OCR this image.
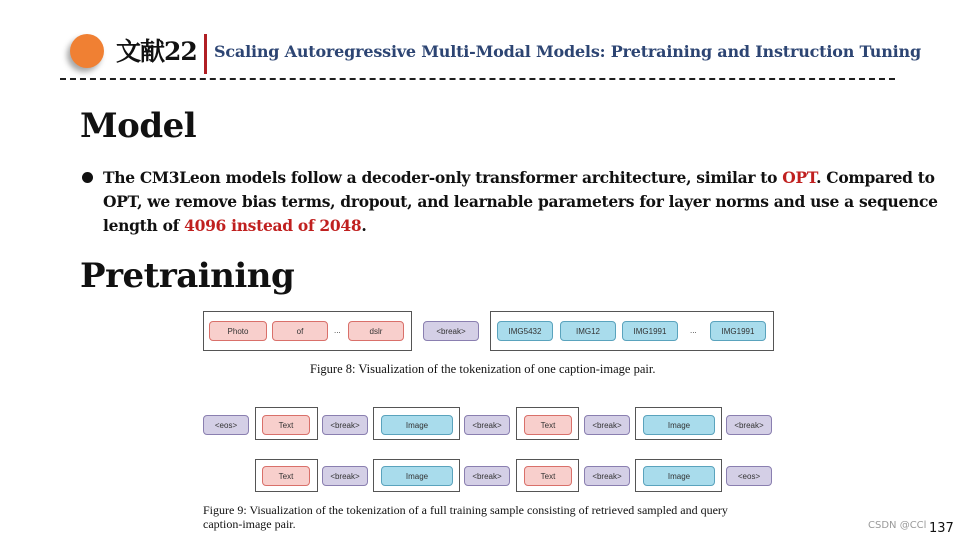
文献22 Scaling Autoregressive Multi-Modal Models: Pretraining and Instruction Tuning
Model
The CM3Leon models follow a decoder-only transformer architecture, similar to OPT. Compared to OPT, we remove bias terms, dropout, and learnable parameters for layer norms and use a sequence length of 4096 instead of 2048.
Pretraining
Photo	of	...	dslr	<break>	IMG5432	IMG12	IMG1991	...	IMG1991
Figure 8: Visualization of the tokenization of one caption-image pair.
<eos>	Text	<break>	Image	<break>	Text	<break>	Image	<break>
Text	<break>	Image	<break>	Text	<break>	Image	<eos>
Figure 9: Visualization of the tokenization of a full training sample consisting of retrieved sampled and query
caption-image pair.	CSDN @CCl 137
